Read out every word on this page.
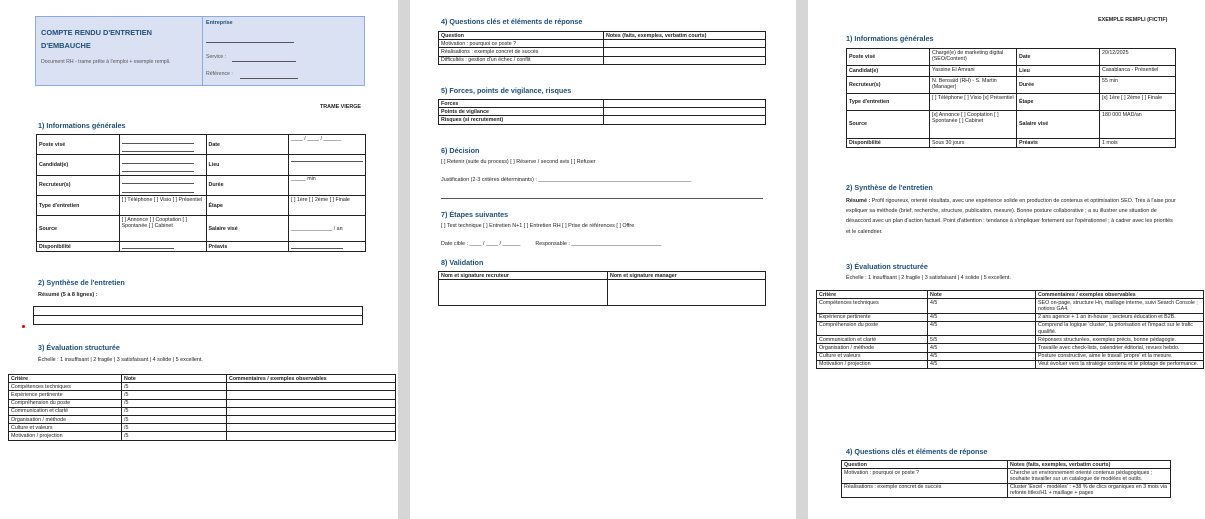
COMPTE RENDU D'ENTRETIEN D'EMBAUCHE
Document RH - trame prête à l'emploi + exemple rempli.
Entreprise
Service :
Référence :
TRAME VIERGE
1) Informations générales
Poste visé		Date	____ / ____ / ______
Candidat(e)		Lieu	
Recruteur(s)		Durée	_____ min
Type d'entretien	[ ] Téléphone [ ] Visio [ ] Présentiel	Étape	[ ] 1ère [ ] 2ème [ ] Finale
Source	[ ] Annonce [ ] Cooptation [ ] Spontanée [ ] Cabinet	Salaire visé	______________ / an
Disponibilité		Préavis	
2) Synthèse de l'entretien
Résumé (5 à 8 lignes) :

3) Évaluation structurée
Échelle : 1 insuffisant | 2 fragile | 3 satisfaisant | 4 solide | 5 excellent.
Critère	Note	Commentaires / exemples observables
Compétences techniques	/5	
Expérience pertinente	/5	
Compréhension du poste	/5	
Communication et clarté	/5	
Organisation / méthode	/5	
Culture et valeurs	/5	
Motivation / projection	/5	
4) Questions clés et éléments de réponse
Question	Notes (faits, exemples, verbatim courts)
Motivation : pourquoi ce poste ?	
Réalisations : exemple concret de succès	
Difficultés : gestion d'un échec / conflit	
5) Forces, points de vigilance, risques
Forces	
Points de vigilance	
Risques (si recrutement)	
6) Décision
[ ] Retenir (suite du process) [ ] Réserve / second avis [ ] Refuser
Justification (2-3 critères déterminants) : ___________________________________________________
7) Étapes suivantes
[ ] Test technique [ ] Entretien N+1 [ ] Entretien RH [ ] Prise de références [ ] Offre
Date cible : ____ / ____ / ______          Responsable : ______________________________
8) Validation
Nom et signature recruteur	Nom et signature manager

EXEMPLE REMPLI (FICTIF)
1) Informations générales
Poste visé	Chargé(e) de marketing digital (SEO/Content)	Date	20/12/2025
Candidat(e)	Yassine El Amrani	Lieu	Casablanca - Présentiel
Recruteur(s)	N. Bensaïd (RH) - S. Martin (Manager)	Durée	55 min
Type d'entretien	[ ] Téléphone [ ] Visio [x] Présentiel	Étape	[x] 1ère [ ] 2ème [ ] Finale
Source	[x] Annonce [ ] Cooptation [ ] Spontanée [ ] Cabinet	Salaire visé	180 000 MAD/an
Disponibilité	Sous 30 jours	Préavis	1 mois
2) Synthèse de l'entretien
Résumé : Profil rigoureux, orienté résultats, avec une expérience solide en production de contenus et optimisation SEO. Très à l'aise pour expliquer sa méthode (brief, recherche, structure, publication, mesure). Bonne posture collaborative ; a su illustrer une situation de désaccord avec un plan d'action factuel. Point d'attention : tendance à s'impliquer fortement sur l'opérationnel ; à cadrer avec les priorités et le calendrier.
3) Évaluation structurée
Échelle : 1 insuffisant | 2 fragile | 3 satisfaisant | 4 solide | 5 excellent.
Critère	Note	Commentaires / exemples observables
Compétences techniques	4/5	SEO on-page, structure Hn, maillage interne, suivi Search Console ; notions GA4.
Expérience pertinente	4/5	2 ans agence + 1 an in-house ; secteurs éducation et B2B.
Compréhension du poste	4/5	Comprend la logique 'cluster', la priorisation et l'impact sur le trafic qualifié.
Communication et clarté	5/5	Réponses structurées, exemples précis, bonne pédagogie.
Organisation / méthode	4/5	Travaille avec check-lists, calendrier éditorial, revues hebdo.
Culture et valeurs	4/5	Posture constructive, aime le travail 'propre' et la mesure.
Motivation / projection	4/5	Veut évoluer vers la stratégie contenu et le pilotage de performance.
4) Questions clés et éléments de réponse
Question	Notes (faits, exemples, verbatim courts)
Motivation : pourquoi ce poste ?	Cherche un environnement orienté contenus pédagogiques ; souhaite travailler sur un catalogue de modèles et outils.
Réalisations : exemple concret de succès	Cluster 'Excel - modèles' : +38 % de clics organiques en 3 mois via refonte titles/H1 + maillage + pages
